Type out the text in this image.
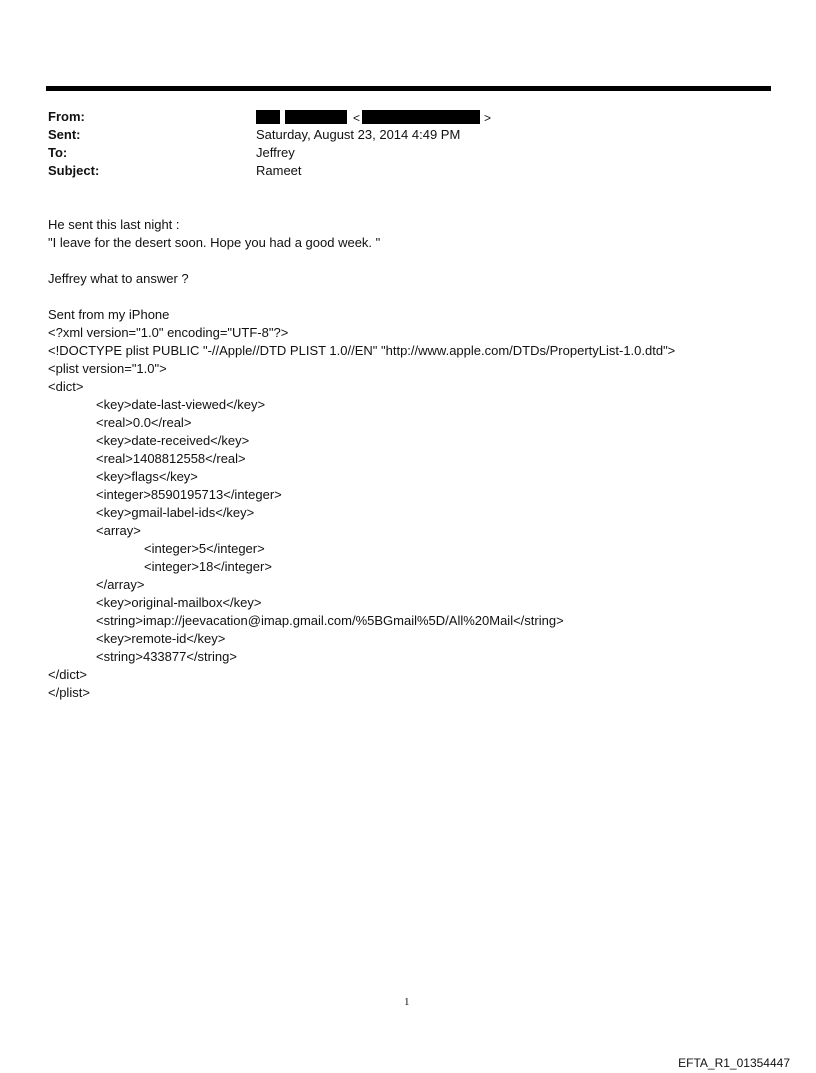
From:
Sent:
To:
Subject:
<	>
Saturday, August 23, 2014 4:49 PM
Jeffrey
Rameet
He sent this last night :
"I leave for the desert soon. Hope you had a good week. "
Jeffrey what to answer ?
Sent from my iPhone
<?xml version="1.0" encoding="UTF-8"?>
<!DOCTYPE plist PUBLIC "-//Apple//DTD PLIST 1.0//EN" "http://www.apple.com/DTDs/PropertyList-1.0.dtd">
<plist version="1.0">
<dict>
<key>date-last-viewed</key>
<real>0.0</real>
<key>date-received</key>
<real>1408812558</real>
<key>flags</key>
<integer>8590195713</integer>
<key>gmail-label-ids</key>
<array>
<integer>5</integer>
<integer>18</integer>
</array>
<key>original-mailbox</key>
<string>imap://jeevacation@imap.gmail.com/%5BGmail%5D/All%20Mail</string>
<key>remote-id</key>
<string>433877</string>
</dict>
</plist>
1
EFTA_R1_01354447
